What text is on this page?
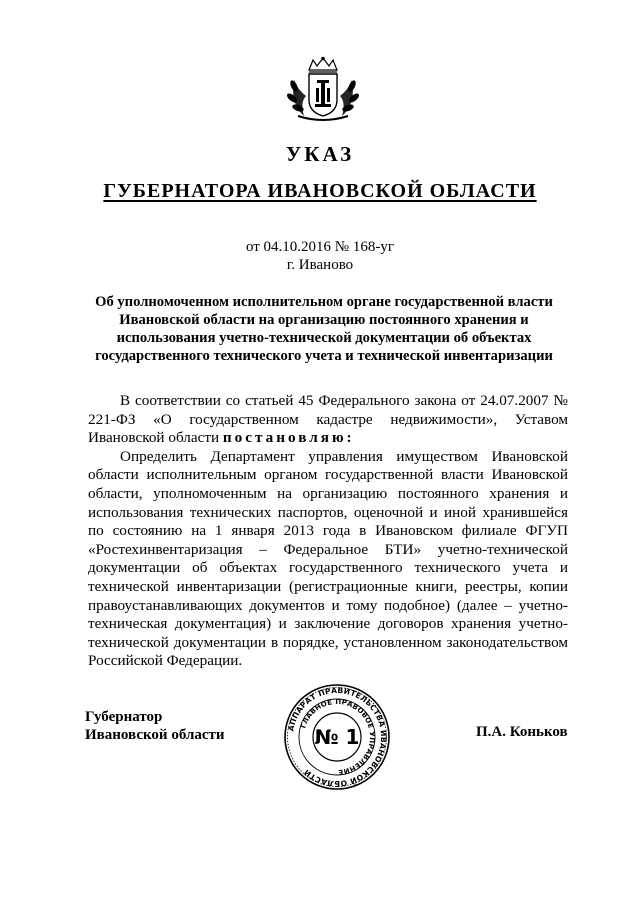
УКАЗ
ГУБЕРНАТОРА ИВАНОВСКОЙ ОБЛАСТИ
от 04.10.2016 № 168-уг
г. Иваново
Об уполномоченном исполнительном органе государственной власти
Ивановской области на организацию постоянного хранения и
использования учетно-технической документации об объектах
государственного технического учета и технической инвентаризации

В соответствии со статьей 45 Федерального закона от 24.07.2007 № 221-ФЗ «О государственном кадастре недвижимости», Уставом Ивановской области постановляю:

Определить Департамент управления имуществом Ивановской области исполнительным органом государственной власти Ивановской области, уполномоченным на организацию постоянного хранения и использования технических паспортов, оценочной и иной хранившейся по состоянию на 1 января 2013 года в Ивановском филиале ФГУП «Ростехинвентаризация – Федеральное БТИ» учетно-технической документации об объектах государственного технического учета и технической инвентаризации (регистрационные книги, реестры, копии правоустанавливающих документов и тому подобное) (далее – учетно-техническая документация) и заключение договоров хранения учетно-технической документации в порядке, установленном законодательством Российской Федерации.

Губернатор
Ивановской области	АППАРАТ ПРАВИТЕЛЬСТВА ИВАНОВСКОЙ ОБЛАСТИ
ГЛАВНОЕ ПРАВОВОЕ УПРАВЛЕНИЕ
№ 1	П.А. Коньков
